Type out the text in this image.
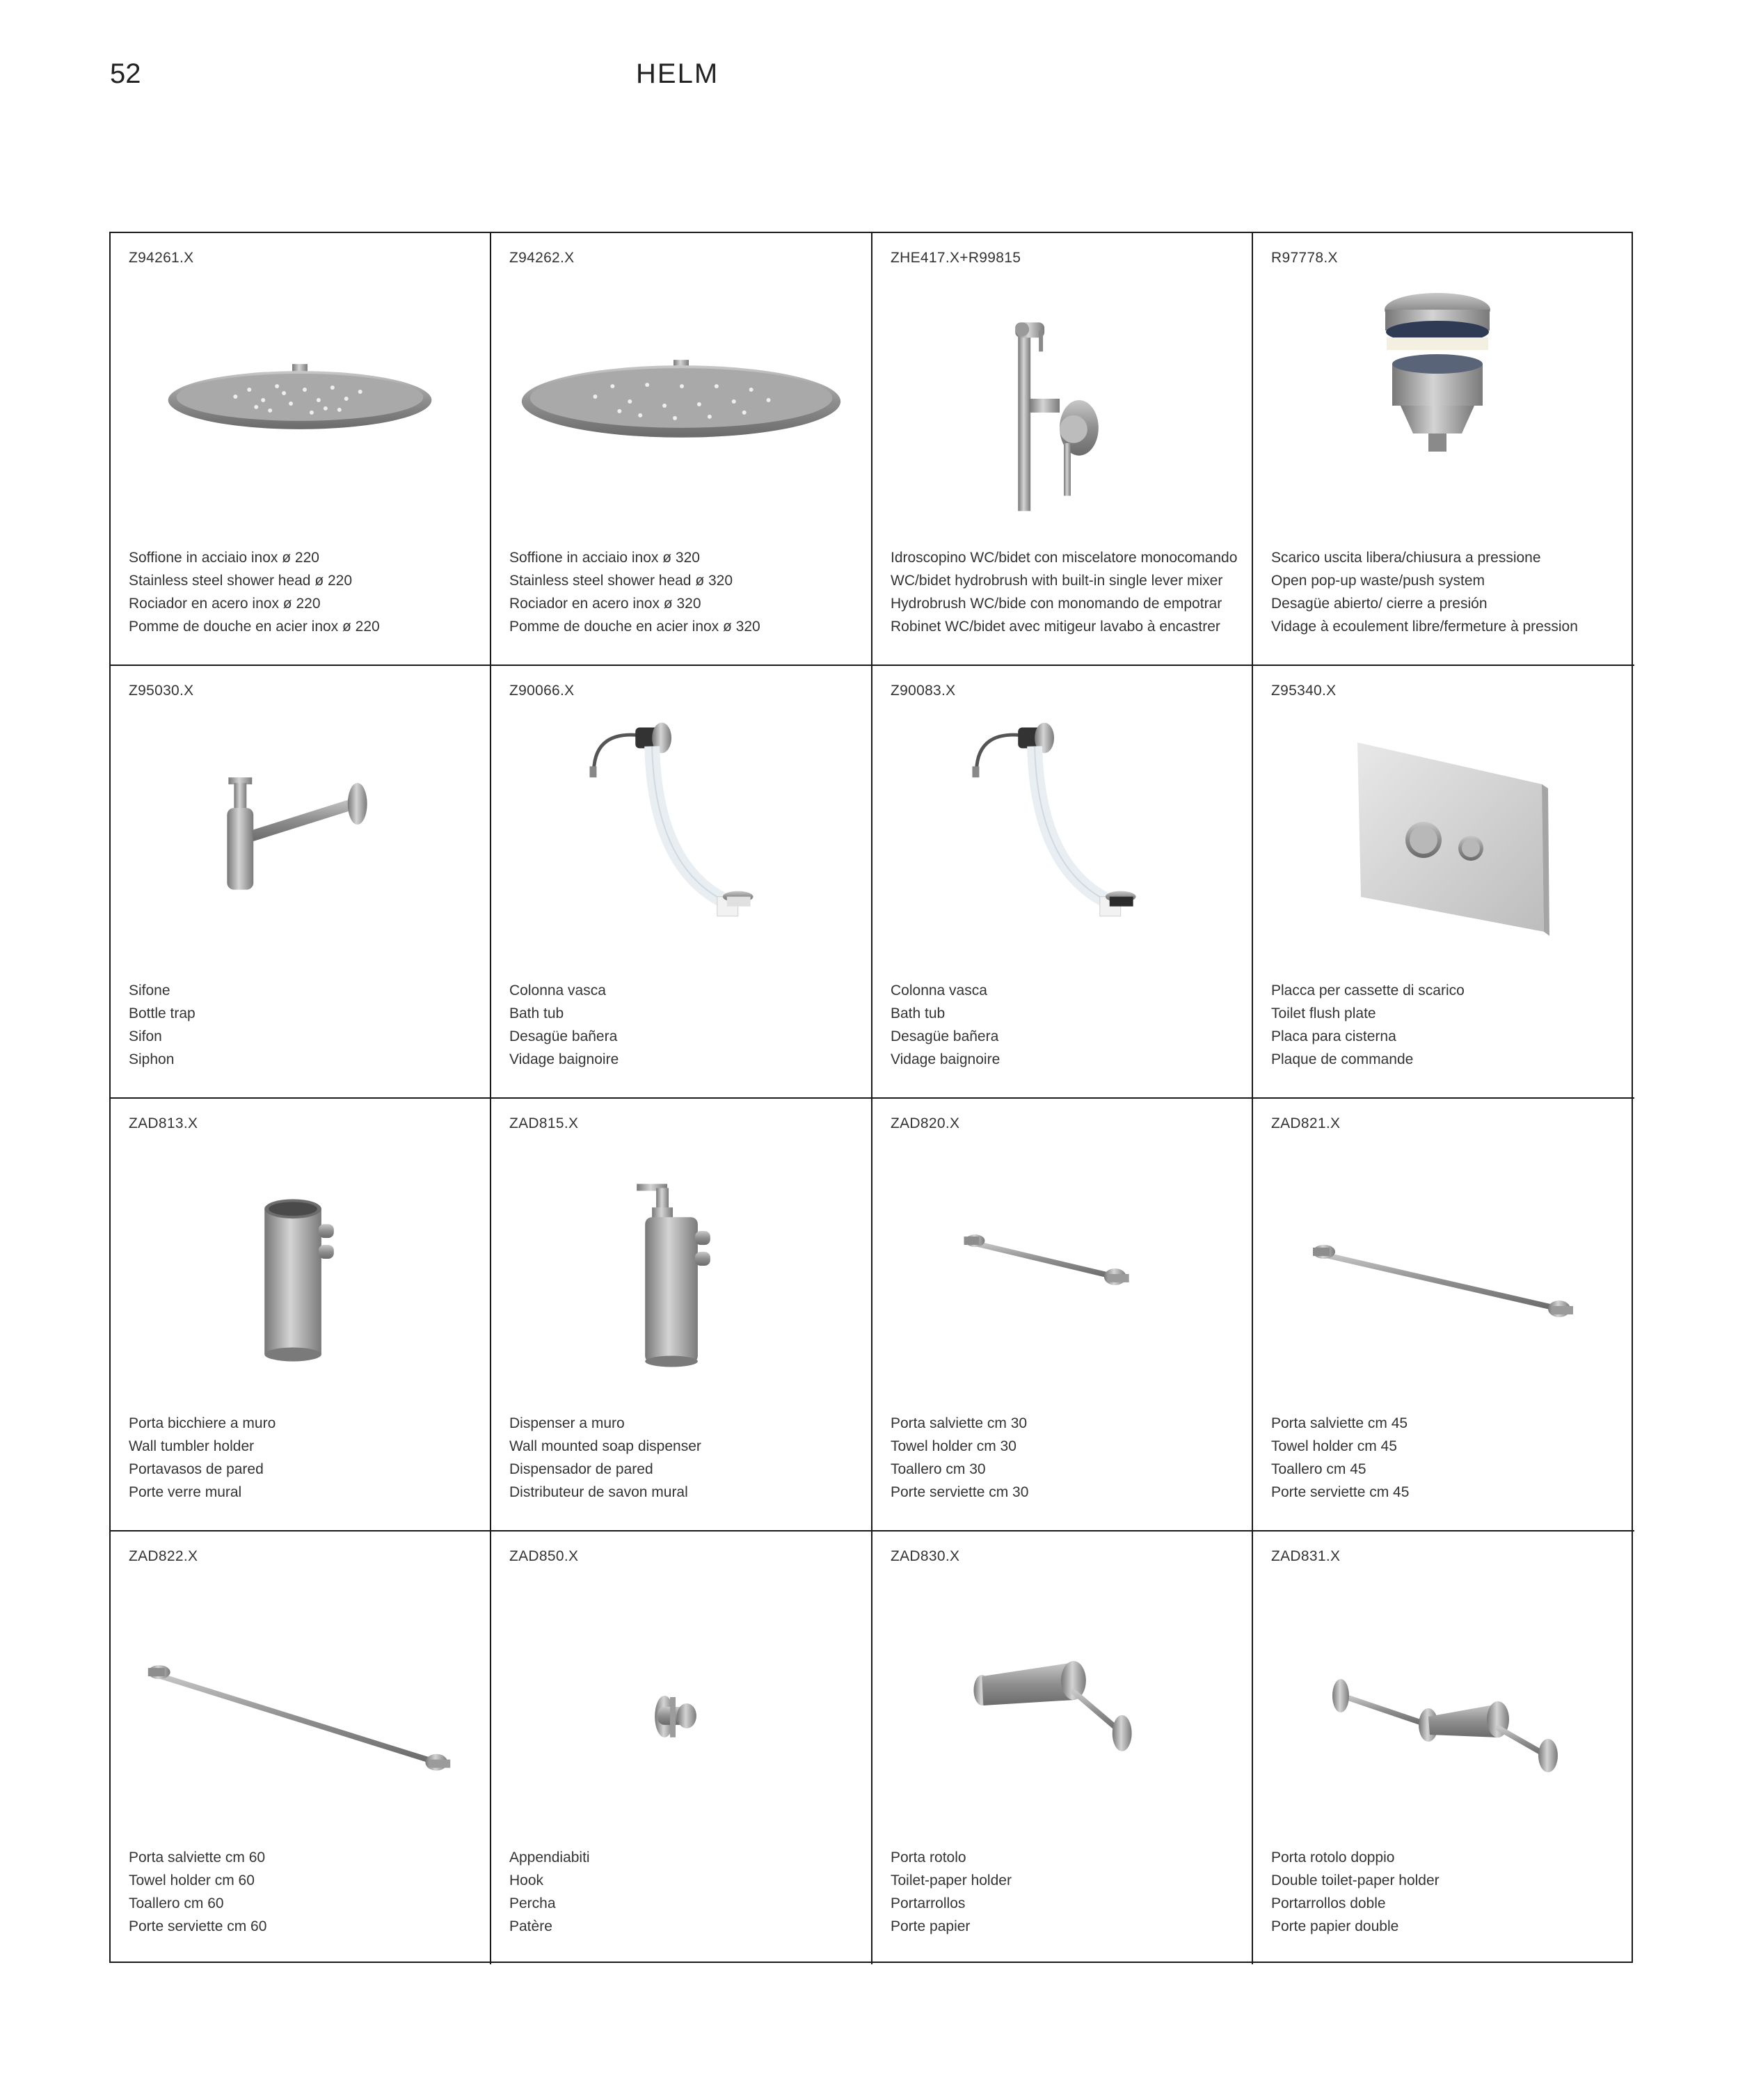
52	HELM
Z94261.X
Soffione in acciaio inox ø 220
Stainless steel shower head ø 220
Rociador en acero inox ø 220
Pomme de douche en acier inox ø 220
Z94262.X
Soffione in acciaio inox ø 320
Stainless steel shower head ø 320
Rociador en acero inox ø 320
Pomme de douche en acier inox ø 320
ZHE417.X+R99815
Idroscopino WC/bidet con miscelatore monocomando
WC/bidet hydrobrush with built-in single lever mixer
Hydrobrush WC/bide con monomando de empotrar
Robinet WC/bidet avec mitigeur lavabo à encastrer
R97778.X
Scarico uscita libera/chiusura a pressione
Open pop-up waste/push system
Desagüe abierto/ cierre a presión
Vidage à ecoulement libre/fermeture à pression
Z95030.X
Sifone
Bottle trap
Sifon
Siphon
Z90066.X
Colonna vasca
Bath tub
Desagüe bañera
Vidage baignoire
Z90083.X
Colonna vasca
Bath tub
Desagüe bañera
Vidage baignoire
Z95340.X
Placca per cassette di scarico
Toilet flush plate
Placa para cisterna
Plaque de commande
ZAD813.X
Porta bicchiere a muro
Wall tumbler holder
Portavasos de pared
Porte verre mural
ZAD815.X
Dispenser a muro
Wall mounted soap dispenser
Dispensador de pared
Distributeur de savon mural
ZAD820.X
Porta salviette cm 30
Towel holder cm 30
Toallero cm 30
Porte serviette cm 30
ZAD821.X
Porta salviette cm 45
Towel holder cm 45
Toallero cm 45
Porte serviette cm 45
ZAD822.X
Porta salviette cm 60
Towel holder cm 60
Toallero cm 60
Porte serviette cm 60
ZAD850.X
Appendiabiti
Hook
Percha
Patère
ZAD830.X
Porta rotolo
Toilet-paper holder
Portarrollos
Porte papier
ZAD831.X
Porta rotolo doppio
Double toilet-paper holder
Portarrollos doble
Porte papier double
